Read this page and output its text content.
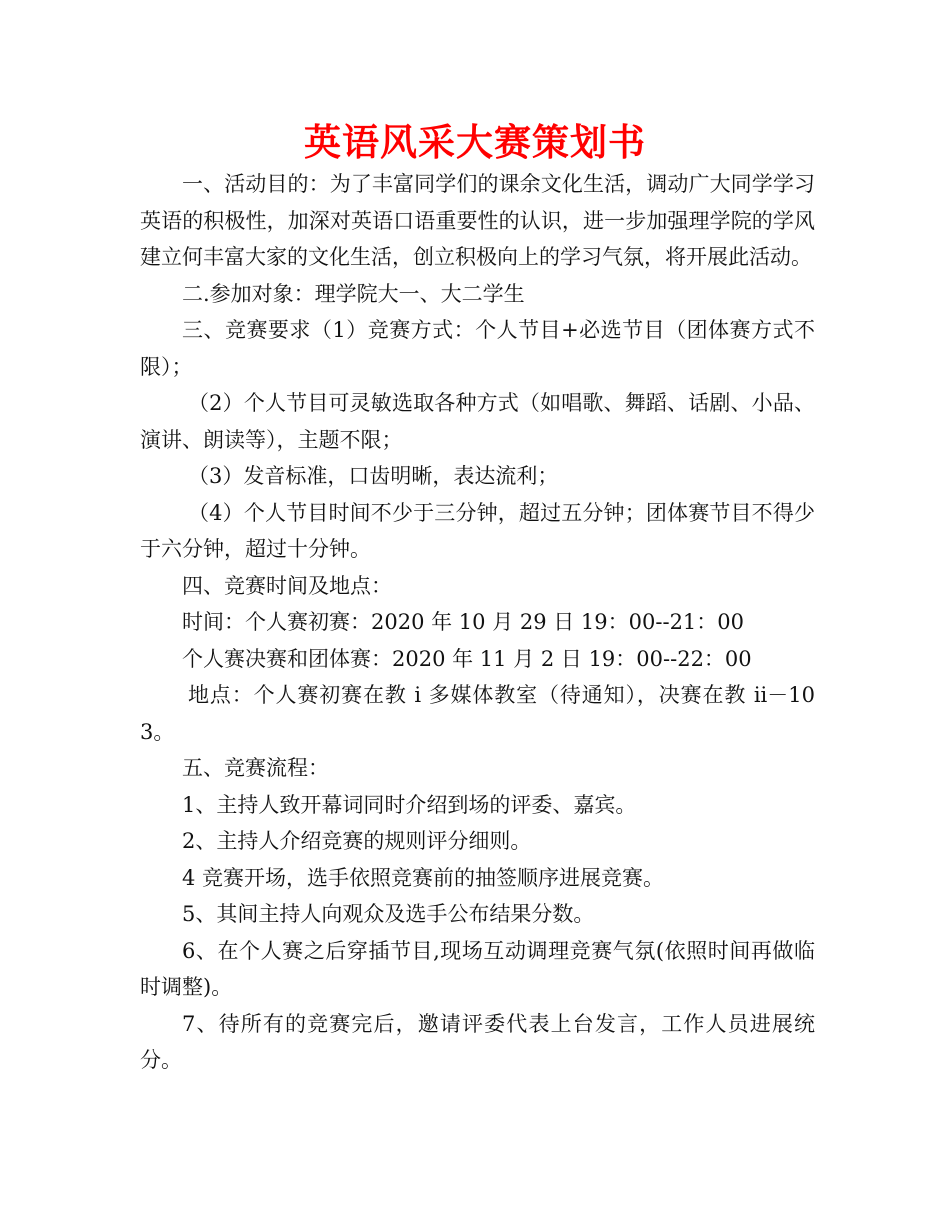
英语风采大赛策划书

一、活动目的：为了丰富同学们的课余文化生活，调动广大同学学习英语的积极性，加深对英语口语重要性的认识，进一步加强理学院的学风建立何丰富大家的文化生活，创立积极向上的学习气氛，将开展此活动。

二.参加对象：理学院大一、大二学生

三、竞赛要求（1）竞赛方式：个人节目+必选节目（团体赛方式不限）；

（2）个人节目可灵敏选取各种方式（如唱歌、舞蹈、话剧、小品、演讲、朗读等），主题不限；

（3）发音标准，口齿明晰，表达流利；

（4）个人节目时间不少于三分钟，超过五分钟；团体赛节目不得少于六分钟，超过十分钟。

四、竞赛时间及地点：

时间：个人赛初赛：2020 年 10 月 29 日 19：00--21：00

个人赛决赛和团体赛：2020 年 11 月 2 日 19：00--22：00

地点：个人赛初赛在教 i 多媒体教室（待通知），决赛在教 ii－103。

五、竞赛流程：

1、主持人致开幕词同时介绍到场的评委、嘉宾。

2、主持人介绍竞赛的规则评分细则。

4 竞赛开场，选手依照竞赛前的抽签顺序进展竞赛。

5、其间主持人向观众及选手公布结果分数。

6、在个人赛之后穿插节目,现场互动调理竞赛气氛(依照时间再做临时调整)。

7、待所有的竞赛完后，邀请评委代表上台发言，工作人员进展统分。
